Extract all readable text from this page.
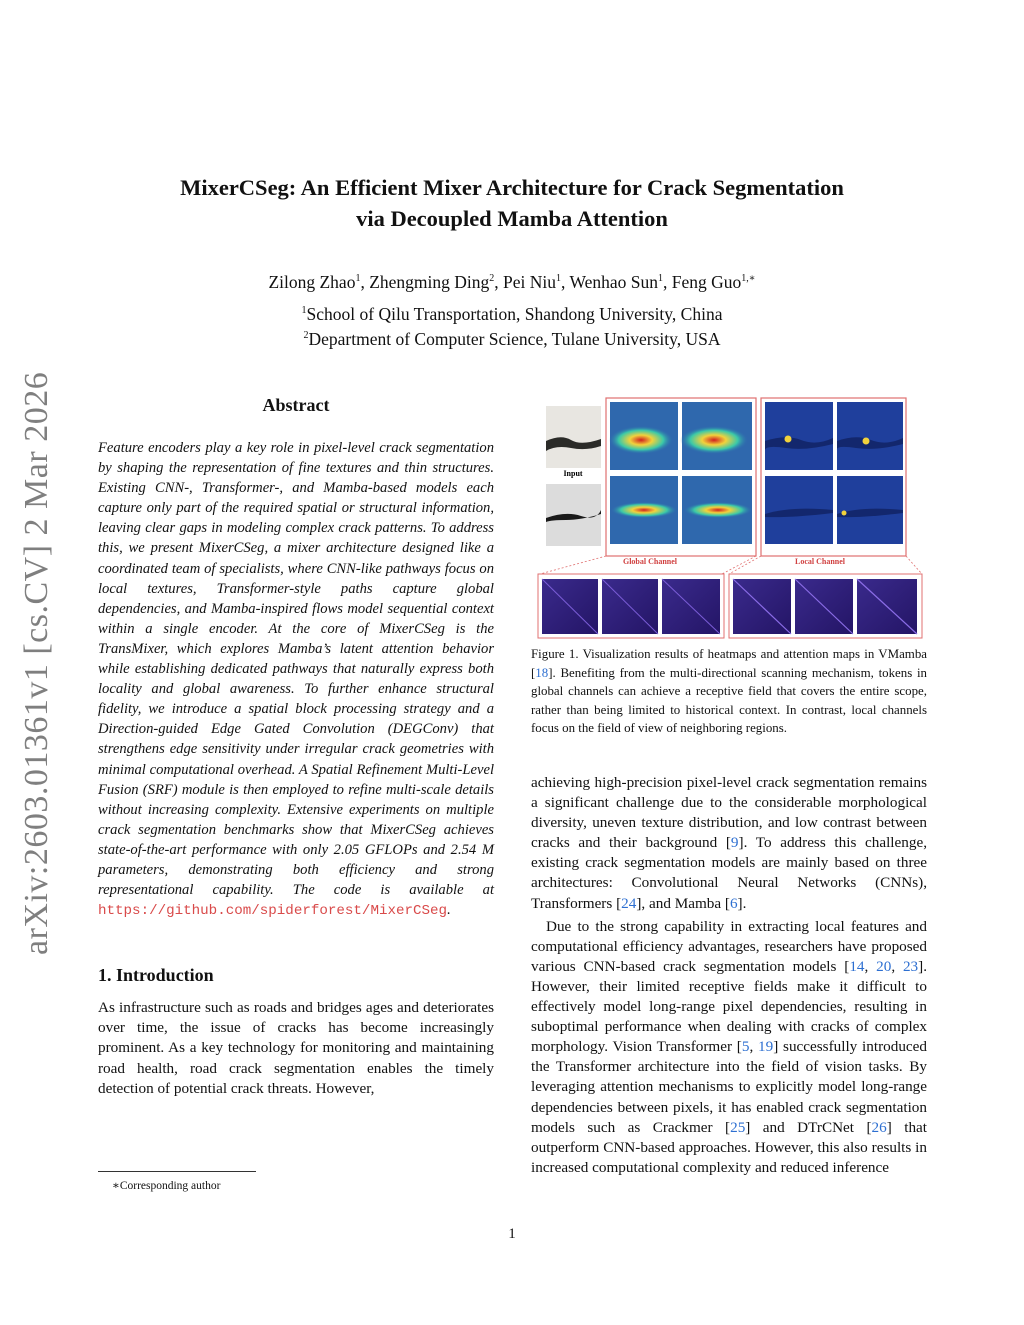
arXiv:2603.01361v1 [cs.CV] 2 Mar 2026
MixerCSeg: An Efficient Mixer Architecture for Crack Segmentation
via Decoupled Mamba Attention
Zilong Zhao$^1$, Zhengming Ding$^2$, Pei Niu$^1$, Wenhao Sun$^1$, Feng Guo$^{1,∗}$
$^1$School of Qilu Transportation, Shandong University, China
$^2$Department of Computer Science, Tulane University, USA
Abstract

Feature encoders play a key role in pixel-level crack segmentation by shaping the representation of fine textures and thin structures. Existing CNN-, Transformer-, and Mamba-based models each capture only part of the required spatial or structural information, leaving clear gaps in modeling complex crack patterns. To address this, we present MixerCSeg, a mixer architecture designed like a coordinated team of specialists, where CNN-like pathways focus on local textures, Transformer-style paths capture global dependencies, and Mamba-inspired flows model sequential context within a single encoder. At the core of MixerCSeg is the TransMixer, which explores Mamba’s latent attention behavior while establishing dedicated pathways that naturally express both locality and global awareness. To further enhance structural fidelity, we introduce a spatial block processing strategy and a Direction-guided Edge Gated Convolution (DEGConv) that strengthens edge sensitivity under irregular crack geometries with minimal computational overhead. A Spatial Refinement Multi-Level Fusion (SRF) module is then employed to refine multi-scale details without increasing complexity. Extensive experiments on multiple crack segmentation benchmarks show that MixerCSeg achieves state-of-the-art performance with only 2.05 GFLOPs and 2.54 M parameters, demonstrating both efficiency and strong representational capability. The code is available at https://github.com/spiderforest/MixerCSeg.

1. Introduction

As infrastructure such as roads and bridges ages and deteriorates over time, the issue of cracks has become increasingly prominent. As a key technology for monitoring and maintaining road health, road crack segmentation enables the timely detection of potential crack threats. However,

∗Corresponding author
Input
Global Channel	Local Channel
Figure 1. Visualization results of heatmaps and attention maps in VMamba [18]. Benefiting from the multi-directional scanning mechanism, tokens in global channels can achieve a receptive field that covers the entire scope, rather than being limited to historical context. In contrast, local channels focus on the field of view of neighboring regions.

achieving high-precision pixel-level crack segmentation remains a significant challenge due to the considerable morphological diversity, uneven texture distribution, and low contrast between cracks and their background [9]. To address this challenge, existing crack segmentation models are mainly based on three architectures: Convolutional Neural Networks (CNNs), Transformers [24], and Mamba [6].

Due to the strong capability in extracting local features and computational efficiency advantages, researchers have proposed various CNN-based crack segmentation models [14, 20, 23]. However, their limited receptive fields make it difficult to effectively model long-range pixel dependencies, resulting in suboptimal performance when dealing with cracks of complex morphology. Vision Transformer [5, 19] successfully introduced the Transformer architecture into the field of vision tasks. By leveraging attention mechanisms to explicitly model long-range dependencies between pixels, it has enabled crack segmentation models such as Crackmer [25] and DTrCNet [26] that outperform CNN-based approaches. However, this also results in increased computational complexity and reduced inference

1
